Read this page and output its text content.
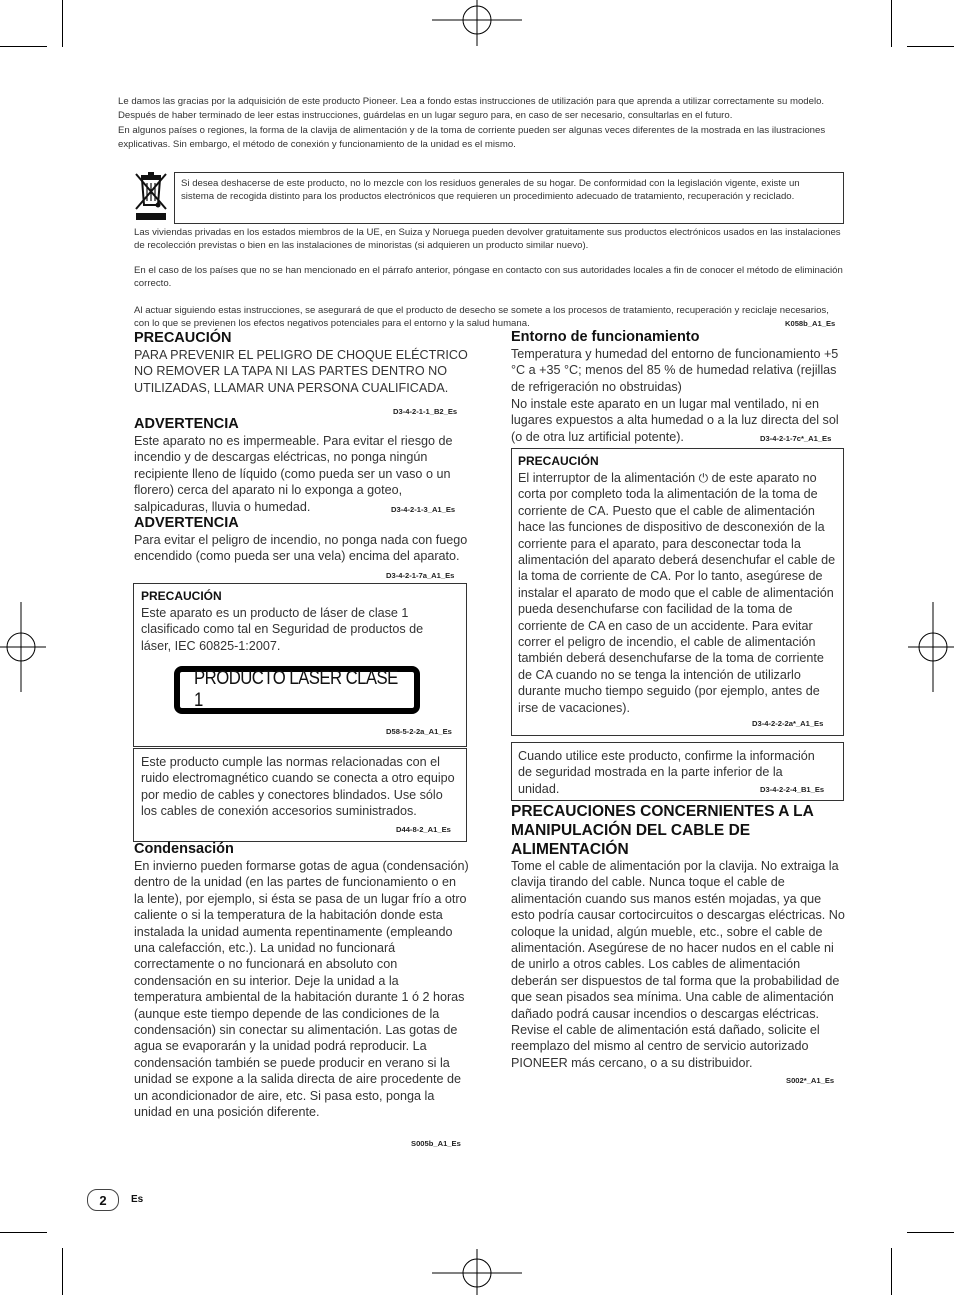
Le damos las gracias por la adquisición de este producto Pioneer. Lea a fondo estas instrucciones de utilización para que aprenda a utilizar correctamente su modelo. Después de haber terminado de leer estas instrucciones, guárdelas en un lugar seguro para, en caso de ser necesario, consultarlas en el futuro.

En algunos países o regiones, la forma de la clavija de alimentación y de la toma de corriente pueden ser algunas veces diferentes de la mostrada en las ilustraciones explicativas. Sin embargo, el método de conexión y funcionamiento de la unidad es el mismo.

Si desea deshacerse de este producto, no lo mezcle con los residuos generales de su hogar. De conformidad con la legislación vigente, existe un sistema de recogida distinto para los productos electrónicos que requieren un procedimiento adecuado de tratamiento, recuperación y reciclado.
Las viviendas privadas en los estados miembros de la UE, en Suiza y Noruega pueden devolver gratuitamente sus productos electrónicos usados en las instalaciones de recolección previstas o bien en las instalaciones de minoristas (si adquieren un producto similar nuevo).
En el caso de los países que no se han mencionado en el párrafo anterior, póngase en contacto con sus autoridades locales a fin de conocer el método de eliminación correcto.
Al actuar siguiendo estas instrucciones, se asegurará de que el producto de desecho se somete a los procesos de tratamiento, recuperación y reciclaje necesarios, con lo que se previenen los efectos negativos potenciales para el entorno y la salud humana.	K058b_A1_Es
PRECAUCIÓN
PARA PREVENIR EL PELIGRO DE CHOQUE ELÉCTRICO NO REMOVER LA TAPA NI LAS PARTES DENTRO NO UTILIZADAS, LLAMAR UNA PERSONA CUALIFICADA.
D3-4-2-1-1_B2_Es
ADVERTENCIA
Este aparato no es impermeable. Para evitar el riesgo de incendio y de descargas eléctricas, no ponga ningún recipiente lleno de líquido (como pueda ser un vaso o un florero) cerca del aparato ni lo exponga a goteo, salpicaduras, lluvia o humedad.	D3-4-2-1-3_A1_Es
ADVERTENCIA
Para evitar el peligro de incendio, no ponga nada con fuego encendido (como pueda ser una vela) encima del aparato.
D3-4-2-1-7a_A1_Es
PRECAUCIÓN
Este aparato es un producto de láser de clase 1 clasificado como tal en Seguridad de productos de láser, IEC 60825-1:2007.
PRODUCTO LASER CLASE 1
D58-5-2-2a_A1_Es
Este producto cumple las normas relacionadas con el ruido electromagnético cuando se conecta a otro equipo por medio de cables y conectores blindados. Use sólo los cables de conexión accesorios suministrados.
D44-8-2_A1_Es
Condensación
En invierno pueden formarse gotas de agua (condensación) dentro de la unidad (en las partes de funcionamiento o en la lente), por ejemplo, si ésta se pasa de un lugar frío a otro caliente o si la temperatura de la habitación donde esta instalada la unidad aumenta repentinamente (empleando una calefacción, etc.). La unidad no funcionará correctamente o no funcionará en absoluto con condensación en su interior. Deje la unidad a la temperatura ambiental de la habitación durante 1 ó 2 horas (aunque este tiempo depende de las condiciones de la condensación) sin conectar su alimentación. Las gotas de agua se evaporarán y la unidad podrá reproducir. La condensación también se puede producir en verano si la unidad se expone a la salida directa de aire procedente de un acondicionador de aire, etc. Si pasa esto, ponga la unidad en una posición diferente.
S005b_A1_Es
Entorno de funcionamiento
Temperatura y humedad del entorno de funcionamiento +5 °C a +35 °C; menos del 85 % de humedad relativa (rejillas de refrigeración no obstruidas)
No instale este aparato en un lugar mal ventilado, ni en lugares expuestos a alta humedad o a la luz directa del sol (o de otra luz artificial potente).	D3-4-2-1-7c*_A1_Es
PRECAUCIÓN
El interruptor de la alimentación ⏻ de este aparato no corta por completo toda la alimentación de la toma de corriente de CA. Puesto que el cable de alimentación hace las funciones de dispositivo de desconexión de la corriente para el aparato, para desconectar toda la alimentación del aparato deberá desenchufar el cable de la toma de corriente de CA. Por lo tanto, asegúrese de instalar el aparato de modo que el cable de alimentación pueda desenchufarse con facilidad de la toma de corriente de CA en caso de un accidente. Para evitar correr el peligro de incendio, el cable de alimentación también deberá desenchufarse de la toma de corriente de CA cuando no se tenga la intención de utilizarlo durante mucho tiempo seguido (por ejemplo, antes de irse de vacaciones).
D3-4-2-2-2a*_A1_Es
Cuando utilice este producto, confirme la información de seguridad mostrada en la parte inferior de la unidad.	D3-4-2-2-4_B1_Es
PRECAUCIONES CONCERNIENTES A LA MANIPULACIÓN DEL CABLE DE ALIMENTACIÓN
Tome el cable de alimentación por la clavija. No extraiga la clavija tirando del cable. Nunca toque el cable de alimentación cuando sus manos estén mojadas, ya que esto podría causar cortocircuitos o descargas eléctricas. No coloque la unidad, algún mueble, etc., sobre el cable de alimentación. Asegúrese de no hacer nudos en el cable ni de unirlo a otros cables. Los cables de alimentación deberán ser dispuestos de tal forma que la probabilidad de que sean pisados sea mínima. Una cable de alimentación dañado podrá causar incendios o descargas eléctricas. Revise el cable de alimentación está dañado, solicite el reemplazo del mismo al centro de servicio autorizado PIONEER más cercano, o a su distribuidor.
S002*_A1_Es
2 Es
